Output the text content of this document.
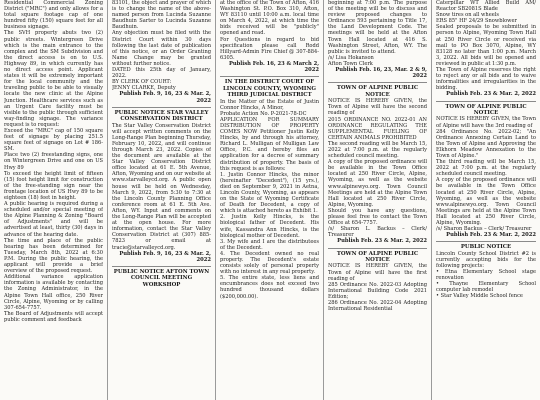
Residential Commercial Zoning District ("MRC") and only allows for a total square footage cap of one hundred fifty (150) square feet for all business signage.

The SVH property abuts two (2) public streets. Wintergreen Drive which is the main entrance to the complex and the SM Subdivision and the direct access is on to U.S. Highway 89, in which currently has no direct access point. Applicant states it will be extremely important for the local community and the traveling public to be able to visually locate the new clinic at the Alpine Junction. Healthcare services such as an Urgent Care facility must be visible to the public through sufficient way-finding signage. The variance request is to request:

Exceed the "MRC" cap of 150 square feet of signage by placing 251.5 square feet of signage on Lot # 186-SM.

Place two (2) freestanding signs, one on Wintergreen Drive and one on US Hwy 89

To exceed the height limit of fifteen (15) foot height limit for construction of the free-standing sign near the frontage location of US Hwy 89 to be eighteen (18) feet in height.

A public hearing is required during a scheduled and/or special meeting of the Alpine Planning & Zoning "Board of Adjustments" and will be advertised at least, thirty (30) days in advance of the hearing date.

The time and place of the public hearing has been determined for Tuesday, March 8th, 2022 at 6:30 P.M. During the public hearing, the applicant will provide a brief overview of the proposed request.

Additional variance application information is available by contacting the Zoning Administrator, in the Alpine Town Hall office, 250 River Circle, Alpine, Wyoming or by calling 307-654-7757.

The Board of Adjustments will accept public comment and feedback

83101, the object and prayer of which is to change the name of the above-named person from Lucinda Suzanne Baudhuin Sarter to Lucinda Suzanne Baudhuin.

Any objection must be filed with the District Court within 30 days following the last date of publication of this notice, or an Order Granting Name Change may be granted without further notice.

DATED this 25th day of January, 2022.

BY CLERK OF COURT:

JENNY CLARKE, Deputy

Publish Feb. 9, 16, 23 & Mar. 2, 2022

PUBLIC NOTICE STAR VALLEY CONSERVATION DISTRICT

The Star Valley Conservation District will accept written comments on the Long-Range Plan beginning Thursday, February 10, 2022, and will continue through March 23, 2022. Copies of the document are available at the Star Valley Conservation District office located at 61 E. 5th Avenue, Afton, Wyoming and on our website at www.starvalleycd.org. A public open house will be held on Wednesday, March 9, 2022, from 5:30 to 7:30 at the Lincoln County Planning Office conference room at 61 E. 5th Ave. Afton, WY. Input and comments on the Long-Range Plan will be accepted at the open house. For more information, contact the Star Valley Conservation District at (307) 885-7823 or email at tracie@starvalleycd.org.

Publish Feb. 9, 16, 23 & Mar. 2, 2022

PUBLIC NOTICE AFTON TOWN COUNCIL MEETING WORKSHOP

at the office of the Town of Afton, 416 Washington St. P.O. Box 310, Afton, WY 83110 until 10:00 a.m. local time on March 4, 2022, at which time the bids received will be "publicly" opened and read.

For Questions in regard to bid specification please call Rodd Hillyard-Admin Fire Chief @ 307-884-6305.

Publish Feb. 16, 23 & March 2, 2022

IN THE DISTRICT COURT OF LINCOLN COUNTY, WYOMING THIRD JUDICIAL DISTRICT

In the Matter of the Estate of Justin Connor Hincks, A Minor,

Probate Action No. P-2021-78-DC

APPLICATION FOR SUMMARY DISTRIBUTION OF PROPERTY COMES NOW Petitioner Justin Kelly Hincks, by and through his attorney, Richard L. Mulligan of Mulligan Law Office, P.C. and hereby files an application for a decree of summary distribution of property. The basis of this request is as follows:

1. Justin Connor Hincks, the minor (hereinafter "Decedent"), (15 yrs.), died on September 9, 2021 in Aetna, Lincoln County, Wyoming, as appears on the State of Wyoming Certificate of Death for Decedent, a copy of which is attached hereto as Exhibit 1.

2. Justin Kelly Hincks, is the biological father of Decedent. His wife, Kassandra Ann Hincks, is the biological mother of Decedent.

3. My wife and I are the distributees of the Decedent.

4. The Decedent owned no real property. The Decedent's estate consists solely of personal property with no interest in any real property.

5. The entire state, less liens and encumbrances does not exceed two hundred thousand dollars ($200,000.00).

beginning at 7:00 p.m. The purpose of the meeting will be to discuss and review proposed changes to Ordinance 593 pertaining to Title 17, the Land Development Code. The meetings will be held at the Afton Town Hall located at 416 S. Washington Street, Afton, WY. The public is invited to attend.

/s/ Lisa Hokanson

Afton Town Clerk

Publish Feb. 16, 23, Mar. 2 & 9, 2022

TOWN OF ALPINE PUBLIC NOTICE

NOTICE IS HEREBY GIVEN, the Town of Alpine will have the second reading of

2015 ORDINANCE NO. 2022-01 AN ORDINANCE REGULATING THE SUPPLEMENTAL FUELING OF CERTAIN ANIMALS PROHIBITED

The second reading will be March 15, 2022 at 7:00 p.m. at the regularly scheduled council meeting.

A copy of the proposed ordinance will be available in the Town Office located at 250 River Circle, Alpine, Wyoming, as well as the website www.alpinewyo.org. Town Council Meetings are held at the Alpine Town Hall located at 250 River Circle, Alpine, Wyoming.

Should you have any questions, please feel free to contact the Town Office at 654-7757.

/s/ Sharon L. Backus – Clerk/ Treasurer

Publish Feb. 23 & Mar. 2, 2022

TOWN OF ALPINE PUBLIC NOTICE

NOTICE IS HEREBY GIVEN, the Town of Alpine will have the first reading of

285 Ordinance No. 2022-03 Adopting International Building Code 2021 Edition;

286 Ordinance No. 2022-04 Adopting International Residential

Caterpillar WT Allied Build AM/ Reactor SB2081S Blade

Snow tires on all wheels

ERS 85" HF 24/29 Snowblower

Sealed proposals to be submitted in person to Alpine, Wyoming Town Hall at 250 River Circle or received via mail to PO Box 3070, Alpine, WY 83128 no later than 1:00 p.m. March 3, 2022. All bids will be opened and reviewed in public at 1:30 p.m.

The Town of Alpine reserves the right to reject any or all bids and to waive informalities and irregularities in the bidding.

Publish Feb. 23 & Mar. 2, 2022

TOWN OF ALPINE PUBLIC NOTICE

NOTICE IS HEREBY GIVEN, the Town of Alpine will have the 3rd reading of

284 Ordinance No. 2022-02; "An Ordinance Annexing Certain Land to the Town of Alpine and Approving the Elkhorn Meadow Annexation to the Town of Alpine."

The third reading will be March 15, 2022 at 7:00 p.m. at the regularly scheduled council meeting.

A copy of the proposed ordinance will be available in the Town Office located at 250 River Circle, Alpine, Wyoming, as well as the website www.alpinewyo.org. Town Council Meetings are held at the Alpine Town Hall located at 250 River Circle, Alpine, Wyoming.

/s/ Sharon Backus – Clerk/ Treasurer

Publish Feb. 23 & Mar. 2, 2022

PUBLIC NOTICE

Lincoln County School District #2 is currently accepting bids for the following projects:

• Etna Elementary School stage renovation

• Thayne Elementary School computer lab remodel

• Star Valley Middle School fence
